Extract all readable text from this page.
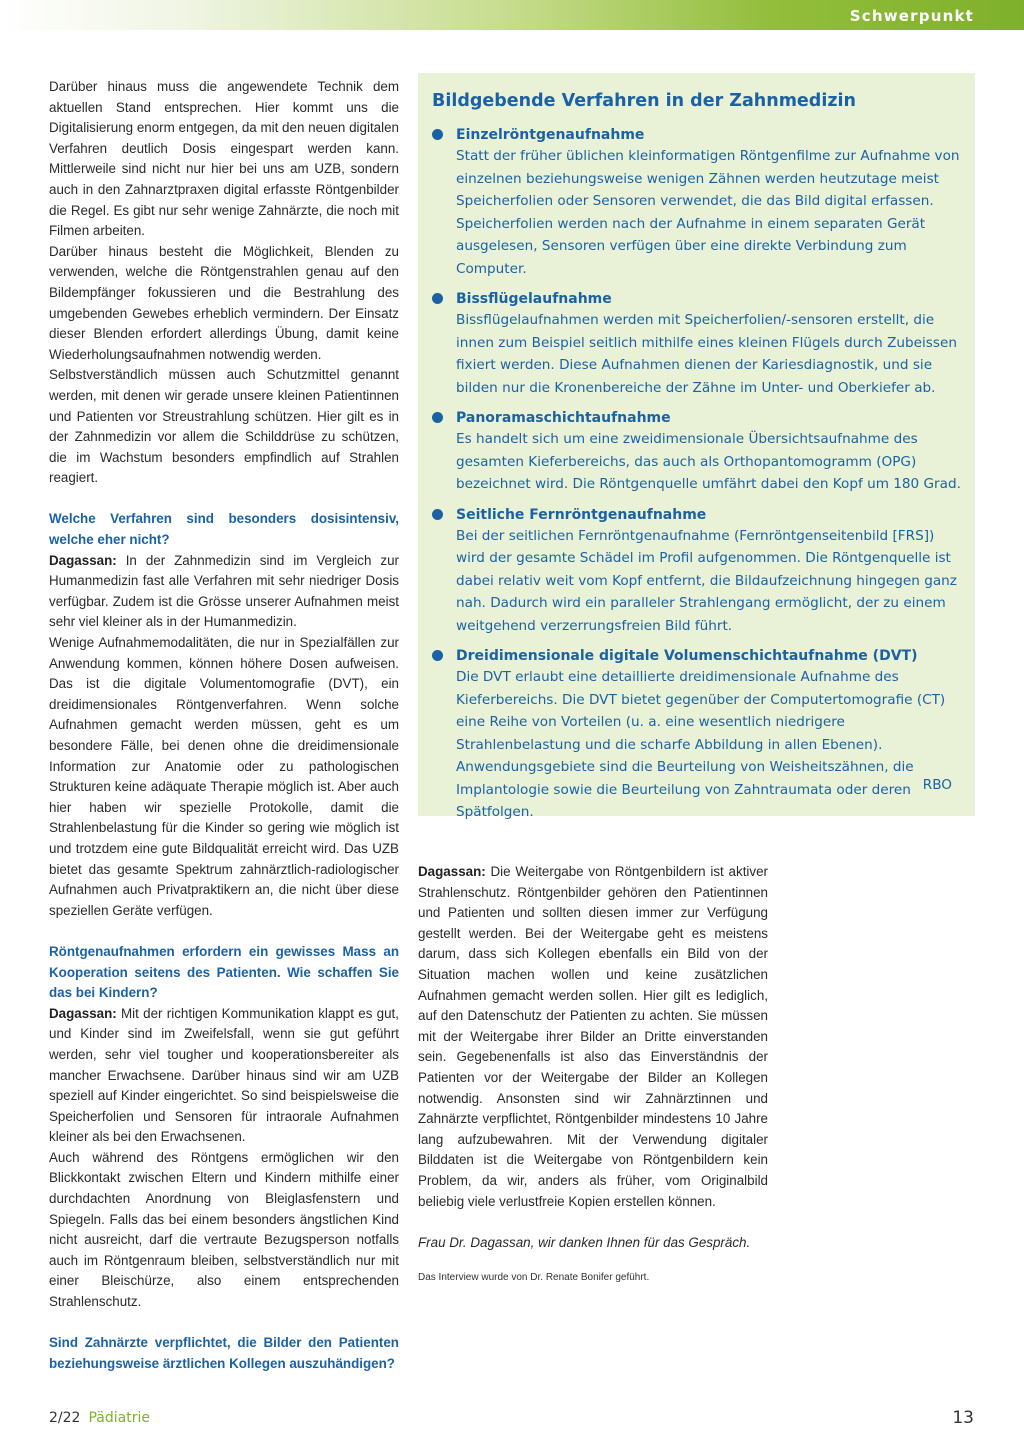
Schwerpunkt

Darüber hinaus muss die angewendete Technik dem aktuellen Stand entsprechen. Hier kommt uns die Digitalisierung enorm entgegen, da mit den neuen digitalen Verfahren deutlich Dosis eingespart werden kann. Mittlerweile sind nicht nur hier bei uns am UZB, sondern auch in den Zahnarztpraxen digital erfasste Röntgenbilder die Regel. Es gibt nur sehr wenige Zahnärzte, die noch mit Filmen arbeiten.

Darüber hinaus besteht die Möglichkeit, Blenden zu verwenden, welche die Röntgenstrahlen genau auf den Bildempfänger fokussieren und die Bestrahlung des umgebenden Gewebes erheblich vermindern. Der Einsatz dieser Blenden erfordert allerdings Übung, damit keine Wiederholungsaufnahmen notwendig werden.

Selbstverständlich müssen auch Schutzmittel genannt werden, mit denen wir gerade unsere kleinen Patientinnen und Patienten vor Streustrahlung schützen. Hier gilt es in der Zahnmedizin vor allem die Schilddrüse zu schützen, die im Wachstum besonders empfindlich auf Strahlen reagiert.

Welche Verfahren sind besonders dosisintensiv, welche eher nicht?

Dagassan: In der Zahnmedizin sind im Vergleich zur Humanmedizin fast alle Verfahren mit sehr niedriger Dosis verfügbar. Zudem ist die Grösse unserer Aufnahmen meist sehr viel kleiner als in der Humanmedizin.

Wenige Aufnahmemodalitäten, die nur in Spezialfällen zur Anwendung kommen, können höhere Dosen aufweisen. Das ist die digitale Volumentomografie (DVT), ein dreidimensionales Röntgenverfahren. Wenn solche Aufnahmen gemacht werden müssen, geht es um besondere Fälle, bei denen ohne die dreidimensionale Information zur Anatomie oder zu pathologischen Strukturen keine adäquate Therapie möglich ist. Aber auch hier haben wir spezielle Protokolle, damit die Strahlenbelastung für die Kinder so gering wie möglich ist und trotzdem eine gute Bildqualität erreicht wird. Das UZB bietet das gesamte Spektrum zahnärztlich-radiologischer Aufnahmen auch Privatpraktikern an, die nicht über diese speziellen Geräte verfügen.

Röntgenaufnahmen erfordern ein gewisses Mass an Kooperation seitens des Patienten. Wie schaffen Sie das bei Kindern?

Dagassan: Mit der richtigen Kommunikation klappt es gut, und Kinder sind im Zweifelsfall, wenn sie gut geführt werden, sehr viel tougher und kooperationsbereiter als mancher Erwachsene. Darüber hinaus sind wir am UZB speziell auf Kinder eingerichtet. So sind beispielsweise die Speicherfolien und Sensoren für intraorale Aufnahmen kleiner als bei den Erwachsenen.

Auch während des Röntgens ermöglichen wir den Blickkontakt zwischen Eltern und Kindern mithilfe einer durchdachten Anordnung von Bleiglasfenstern und Spiegeln. Falls das bei einem besonders ängstlichen Kind nicht ausreicht, darf die vertraute Bezugsperson notfalls auch im Röntgenraum bleiben, selbstverständlich nur mit einer Bleischürze, also einem entsprechenden Strahlenschutz.

Sind Zahnärzte verpflichtet, die Bilder den Patienten beziehungsweise ärztlichen Kollegen auszuhändigen?

Bildgebende Verfahren in der Zahnmedizin
Einzelröntgenaufnahme
Statt der früher üblichen kleinformatigen Röntgenfilme zur Aufnahme von einzelnen beziehungsweise wenigen Zähnen werden heutzutage meist Speicherfolien oder Sensoren verwendet, die das Bild digital erfassen. Speicherfolien werden nach der Aufnahme in einem separaten Gerät ausgelesen, Sensoren verfügen über eine direkte Verbindung zum Computer.
Bissflügelaufnahme
Bissflügelaufnahmen werden mit Speicherfolien/-sensoren erstellt, die innen zum Beispiel seitlich mithilfe eines kleinen Flügels durch Zubeissen fixiert werden. Diese Aufnahmen dienen der Kariesdiagnostik, und sie bilden nur die Kronenbereiche der Zähne im Unter- und Oberkiefer ab.
Panoramaschichtaufnahme
Es handelt sich um eine zweidimensionale Übersichtsaufnahme des gesamten Kieferbereichs, das auch als Orthopantomogramm (OPG) bezeichnet wird. Die Röntgenquelle umfährt dabei den Kopf um 180 Grad.
Seitliche Fernröntgenaufnahme
Bei der seitlichen Fernröntgenaufnahme (Fernröntgenseitenbild [FRS]) wird der gesamte Schädel im Profil aufgenommen. Die Röntgenquelle ist dabei relativ weit vom Kopf entfernt, die Bildaufzeichnung hingegen ganz nah. Dadurch wird ein paralleler Strahlengang ermöglicht, der zu einem weitgehend verzerrungsfreien Bild führt.
Dreidimensionale digitale Volumenschichtaufnahme (DVT)
Die DVT erlaubt eine detaillierte dreidimensionale Aufnahme des Kieferbereichs. Die DVT bietet gegenüber der Computertomografie (CT) eine Reihe von Vorteilen (u. a. eine wesentlich niedrigere Strahlenbelastung und die scharfe Abbildung in allen Ebenen). Anwendungsgebiete sind die Beurteilung von Weisheitszähnen, die Implantologie sowie die Beurteilung von Zahntraumata oder deren Spätfolgen.
RBO

Dagassan: Die Weitergabe von Röntgenbildern ist aktiver Strahlenschutz. Röntgenbilder gehören den Patientinnen und Patienten und sollten diesen immer zur Verfügung gestellt werden. Bei der Weitergabe geht es meistens darum, dass sich Kollegen ebenfalls ein Bild von der Situation machen wollen und keine zusätzlichen Aufnahmen gemacht werden sollen. Hier gilt es lediglich, auf den Datenschutz der Patienten zu achten. Sie müssen mit der Weitergabe ihrer Bilder an Dritte einverstanden sein. Gegebenenfalls ist also das Einverständnis der Patienten vor der Weitergabe der Bilder an Kollegen notwendig. Ansonsten sind wir Zahnärztinnen und Zahnärzte verpflichtet, Röntgenbilder mindestens 10 Jahre lang aufzubewahren. Mit der Verwendung digitaler Bilddaten ist die Weitergabe von Röntgenbildern kein Problem, da wir, anders als früher, vom Originalbild beliebig viele verlustfreie Kopien erstellen können.

Frau Dr. Dagassan, wir danken Ihnen für das Gespräch.

Das Interview wurde von Dr. Renate Bonifer geführt.

2/22 Pädiatrie	13
